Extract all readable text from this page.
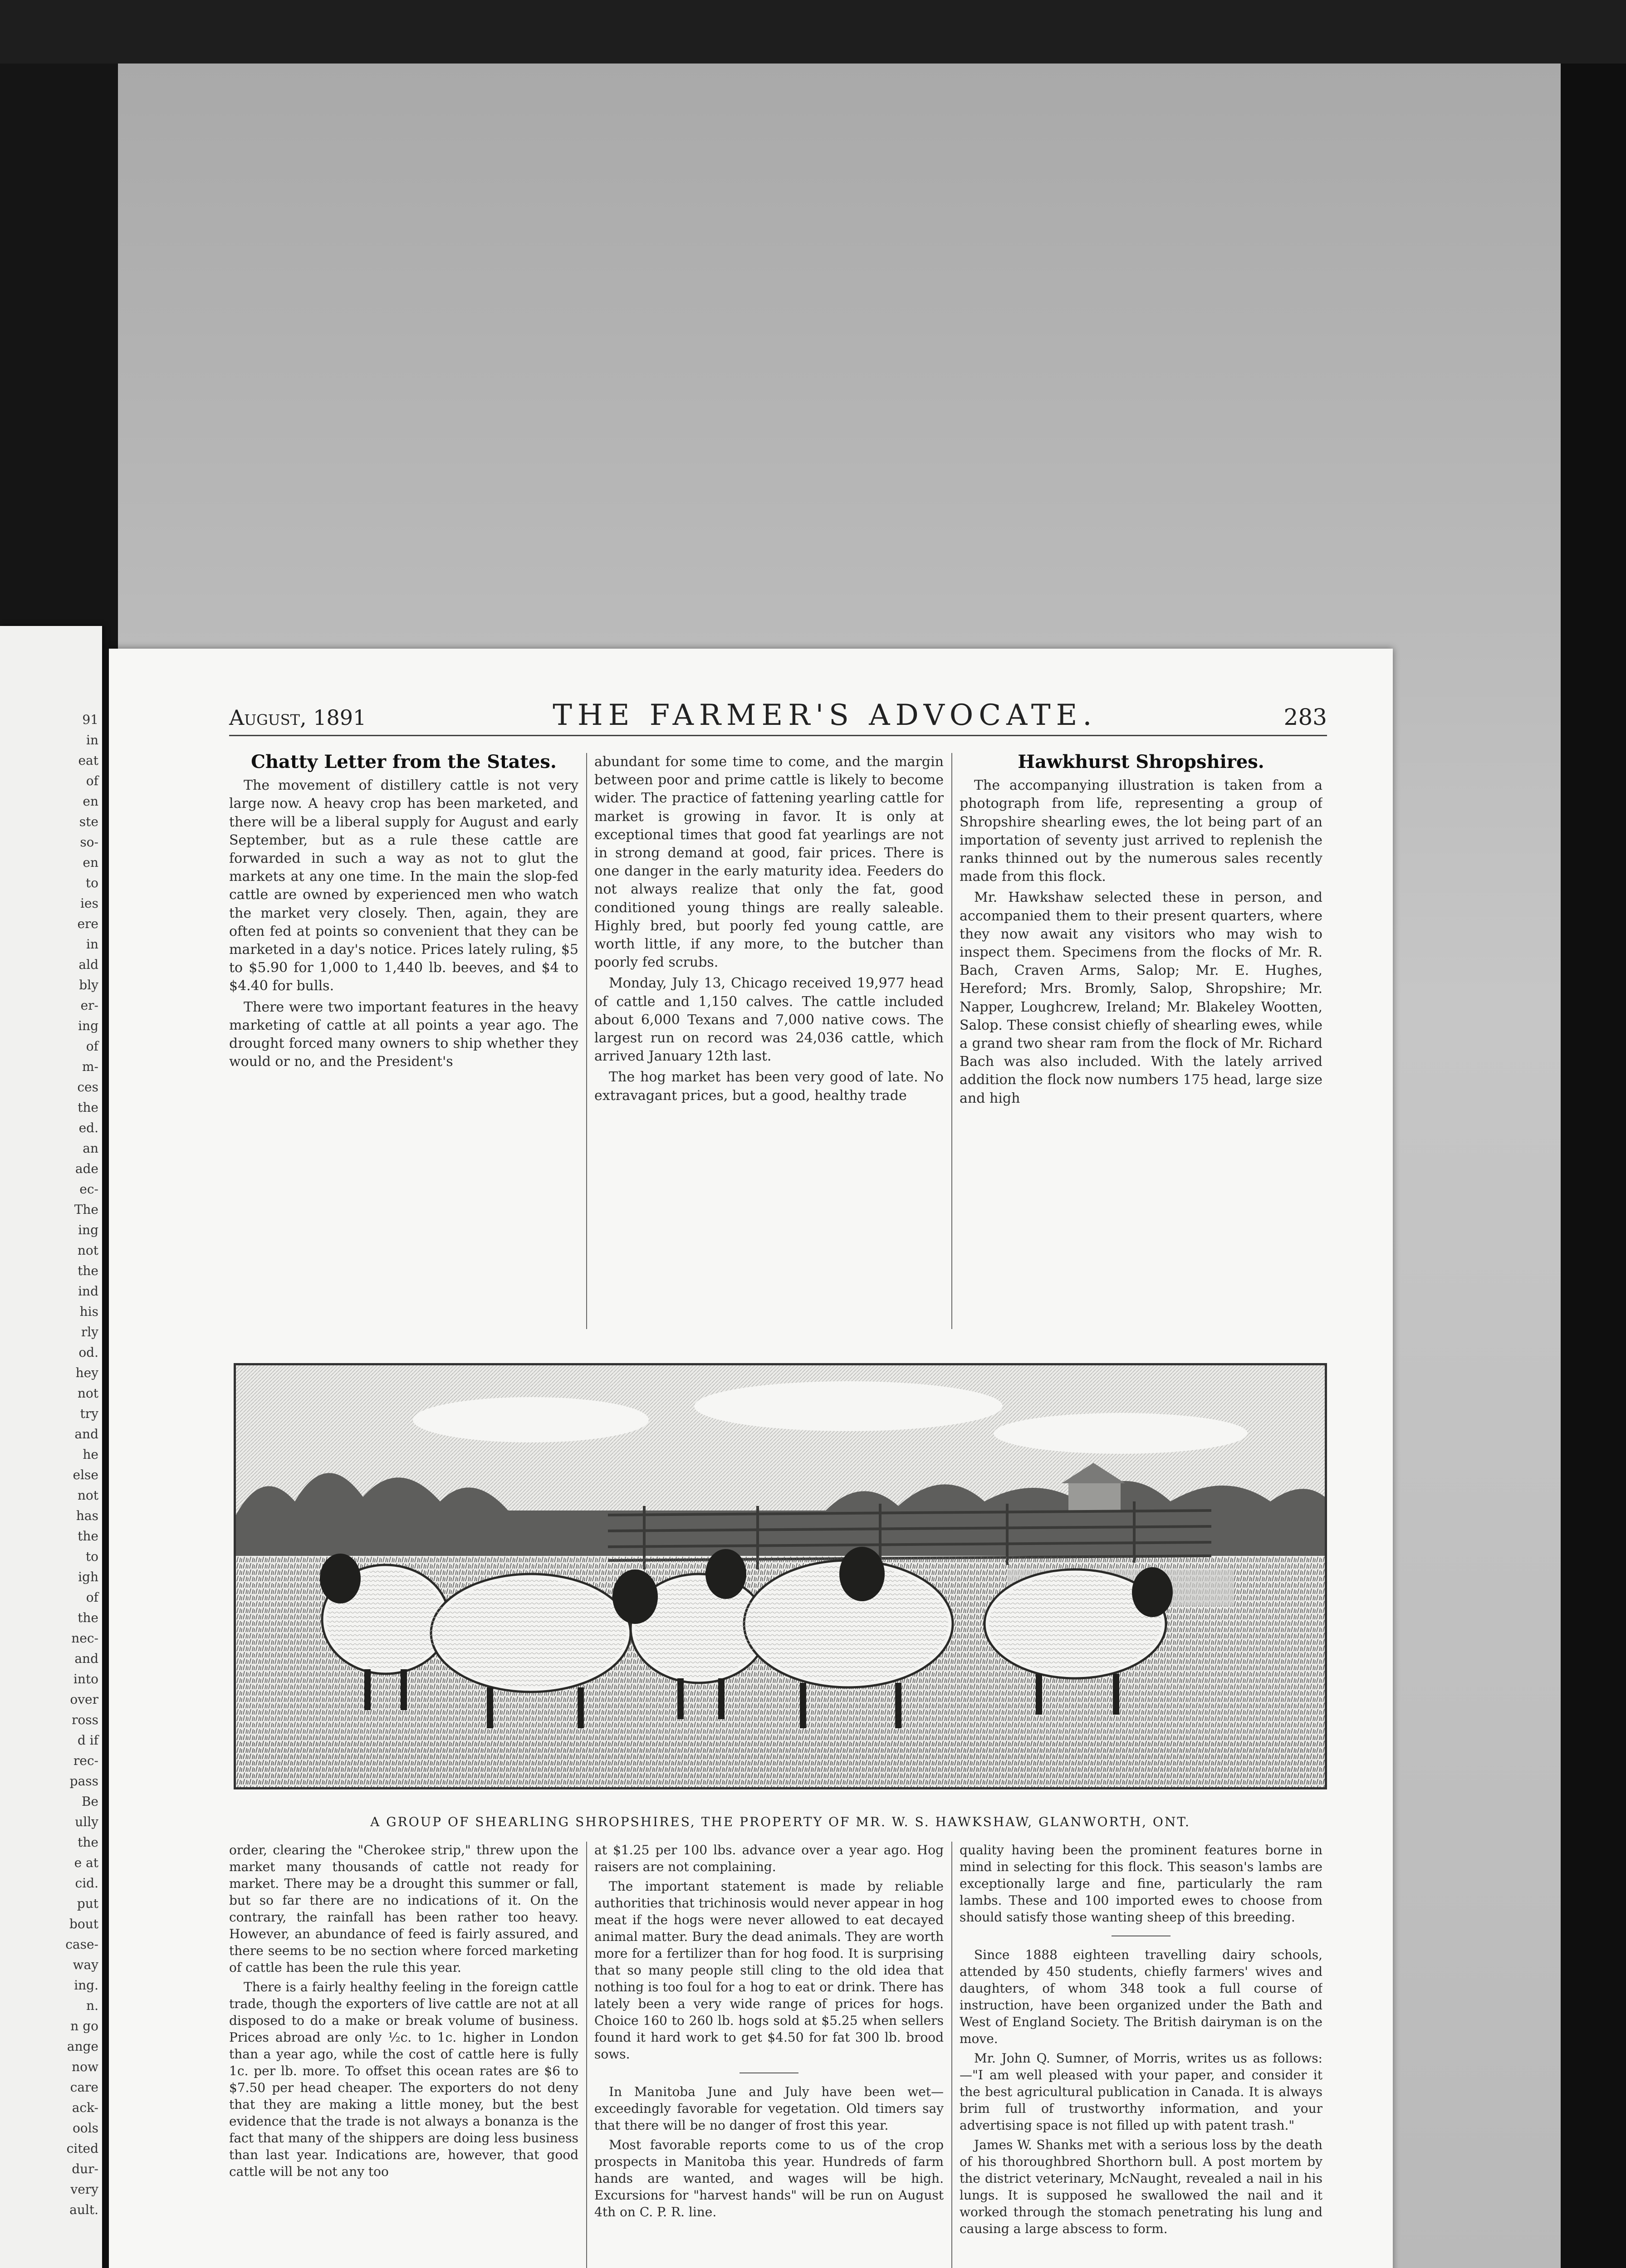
91
in
eat
of
en
ste
so-
en
to
ies
ere
in
ald
bly
er-
ing
of
m-
ces
the
ed.
an
ade
ec-
The
ing
not
the
ind
his
rly
od.
hey
not
try
and
he
else
not
has
the
to
igh
of
the
nec-
and
into
over
ross
d if
rec-
pass
Be
ully
the
e at
cid.
put
bout
case-
way
ing.
n.
n go
ange
now
care
ack-
ools
cited
dur-
very
ault.
August, 1891	THE FARMER'S ADVOCATE.	283
Chatty Letter from the States.

The movement of distillery cattle is not very large now. A heavy crop has been marketed, and there will be a liberal supply for August and early September, but as a rule these cattle are forwarded in such a way as not to glut the markets at any one time. In the main the slop-fed cattle are owned by experienced men who watch the market very closely. Then, again, they are often fed at points so convenient that they can be marketed in a day's notice. Prices lately ruling, $5 to $5.90 for 1,000 to 1,440 lb. beeves, and $4 to $4.40 for bulls.

There were two important features in the heavy marketing of cattle at all points a year ago. The drought forced many owners to ship whether they would or no, and the President's

abundant for some time to come, and the margin between poor and prime cattle is likely to become wider. The practice of fattening yearling cattle for market is growing in favor. It is only at exceptional times that good fat yearlings are not in strong demand at good, fair prices. There is one danger in the early maturity idea. Feeders do not always realize that only the fat, good conditioned young things are really saleable. Highly bred, but poorly fed young cattle, are worth little, if any more, to the butcher than poorly fed scrubs.

Monday, July 13, Chicago received 19,977 head of cattle and 1,150 calves. The cattle included about 6,000 Texans and 7,000 native cows. The largest run on record was 24,036 cattle, which arrived January 12th last.

The hog market has been very good of late. No extravagant prices, but a good, healthy trade

Hawkhurst Shropshires.

The accompanying illustration is taken from a photograph from life, representing a group of Shropshire shearling ewes, the lot being part of an importation of seventy just arrived to replenish the ranks thinned out by the numerous sales recently made from this flock.

Mr. Hawkshaw selected these in person, and accompanied them to their present quarters, where they now await any visitors who may wish to inspect them. Specimens from the flocks of Mr. R. Bach, Craven Arms, Salop; Mr. E. Hughes, Hereford; Mrs. Bromly, Salop, Shropshire; Mr. Napper, Loughcrew, Ireland; Mr. Blakeley Wootten, Salop. These consist chiefly of shearling ewes, while a grand two shear ram from the flock of Mr. Richard Bach was also included. With the lately arrived addition the flock now numbers 175 head, large size and high

A GROUP OF SHEARLING SHROPSHIRES, THE PROPERTY OF MR. W. S. HAWKSHAW, GLANWORTH, ONT.

order, clearing the "Cherokee strip," threw upon the market many thousands of cattle not ready for market. There may be a drought this summer or fall, but so far there are no indications of it. On the contrary, the rainfall has been rather too heavy. However, an abundance of feed is fairly assured, and there seems to be no section where forced marketing of cattle has been the rule this year.

There is a fairly healthy feeling in the foreign cattle trade, though the exporters of live cattle are not at all disposed to do a make or break volume of business. Prices abroad are only ½c. to 1c. higher in London than a year ago, while the cost of cattle here is fully 1c. per lb. more. To offset this ocean rates are $6 to $7.50 per head cheaper. The exporters do not deny that they are making a little money, but the best evidence that the trade is not always a bonanza is the fact that many of the shippers are doing less business than last year. Indications are, however, that good cattle will be not any too

at $1.25 per 100 lbs. advance over a year ago. Hog raisers are not complaining.

The important statement is made by reliable authorities that trichinosis would never appear in hog meat if the hogs were never allowed to eat decayed animal matter. Bury the dead animals. They are worth more for a fertilizer than for hog food. It is surprising that so many people still cling to the old idea that nothing is too foul for a hog to eat or drink. There has lately been a very wide range of prices for hogs. Choice 160 to 260 lb. hogs sold at $5.25 when sellers found it hard work to get $4.50 for fat 300 lb. brood sows.

In Manitoba June and July have been wet—exceedingly favorable for vegetation. Old timers say that there will be no danger of frost this year.

Most favorable reports come to us of the crop prospects in Manitoba this year. Hundreds of farm hands are wanted, and wages will be high. Excursions for "harvest hands" will be run on August 4th on C. P. R. line.

quality having been the prominent features borne in mind in selecting for this flock. This season's lambs are exceptionally large and fine, particularly the ram lambs. These and 100 imported ewes to choose from should satisfy those wanting sheep of this breeding.

Since 1888 eighteen travelling dairy schools, attended by 450 students, chiefly farmers' wives and daughters, of whom 348 took a full course of instruction, have been organized under the Bath and West of England Society. The British dairyman is on the move.

Mr. John Q. Sumner, of Morris, writes us as follows:—"I am well pleased with your paper, and consider it the best agricultural publication in Canada. It is always brim full of trustworthy information, and your advertising space is not filled up with patent trash."

James W. Shanks met with a serious loss by the death of his thoroughbred Shorthorn bull. A post mortem by the district veterinary, McNaught, revealed a nail in his lungs. It is supposed he swallowed the nail and it worked through the stomach penetrating his lung and causing a large abscess to form.
